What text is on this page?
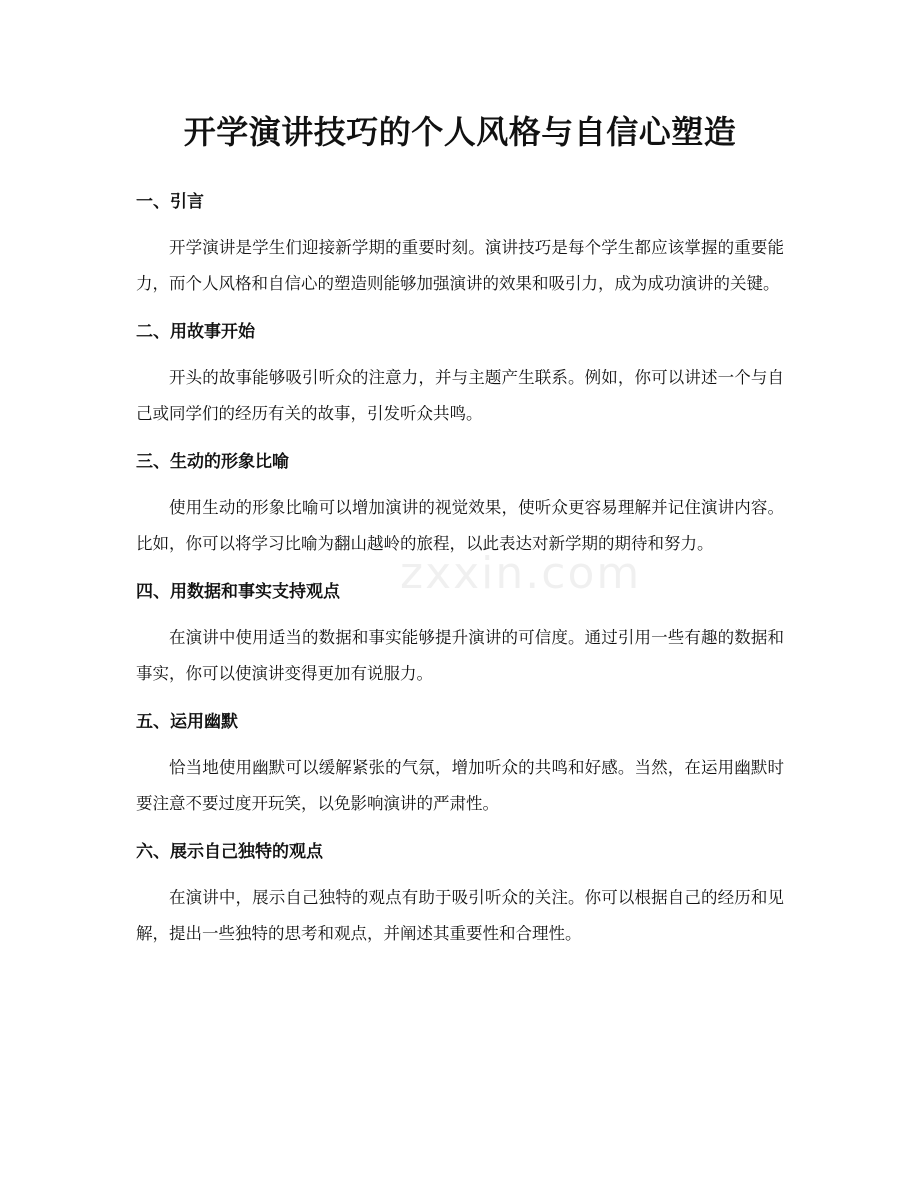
开学演讲技巧的个人风格与自信心塑造
zxxin.com
一、引言

开学演讲是学生们迎接新学期的重要时刻。演讲技巧是每个学生都应该掌握的重要能力，而个人风格和自信心的塑造则能够加强演讲的效果和吸引力，成为成功演讲的关键。

二、用故事开始

开头的故事能够吸引听众的注意力，并与主题产生联系。例如，你可以讲述一个与自己或同学们的经历有关的故事，引发听众共鸣。

三、生动的形象比喻

使用生动的形象比喻可以增加演讲的视觉效果，使听众更容易理解并记住演讲内容。比如，你可以将学习比喻为翻山越岭的旅程，以此表达对新学期的期待和努力。

四、用数据和事实支持观点

在演讲中使用适当的数据和事实能够提升演讲的可信度。通过引用一些有趣的数据和事实，你可以使演讲变得更加有说服力。

五、运用幽默

恰当地使用幽默可以缓解紧张的气氛，增加听众的共鸣和好感。当然，在运用幽默时要注意不要过度开玩笑，以免影响演讲的严肃性。

六、展示自己独特的观点

在演讲中，展示自己独特的观点有助于吸引听众的关注。你可以根据自己的经历和见解，提出一些独特的思考和观点，并阐述其重要性和合理性。
